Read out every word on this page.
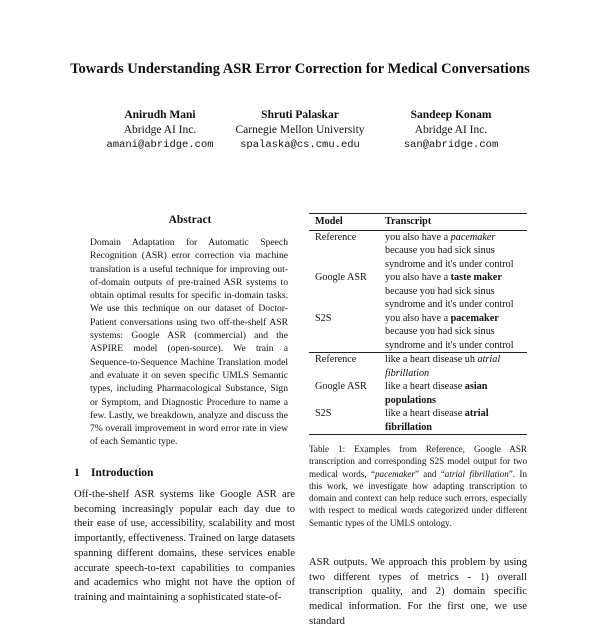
Towards Understanding ASR Error Correction for Medical Conversations
Anirudh Mani
Abridge AI Inc.
amani@abridge.com
Shruti Palaskar
Carnegie Mellon University
spalaska@cs.cmu.edu
Sandeep Konam
Abridge AI Inc.
san@abridge.com
Abstract
Domain Adaptation for Automatic Speech Recognition (ASR) error correction via machine translation is a useful technique for improving out-of-domain outputs of pre-trained ASR systems to obtain optimal results for specific in-domain tasks. We use this technique on our dataset of Doctor-Patient conversations using two off-the-shelf ASR systems: Google ASR (commercial) and the ASPIRE model (open-source). We train a Sequence-to-Sequence Machine Translation model and evaluate it on seven specific UMLS Semantic types, including Pharmacological Substance, Sign or Symptom, and Diagnostic Procedure to name a few. Lastly, we breakdown, analyze and discuss the 7% overall improvement in word error rate in view of each Semantic type.
1 Introduction
Off-the-shelf ASR systems like Google ASR are becoming increasingly popular each day due to their ease of use, accessibility, scalability and most importantly, effectiveness. Trained on large datasets spanning different domains, these services enable accurate speech-to-text capabilities to companies and academics who might not have the option of training and maintaining a sophisticated state-of-
Model	Transcript
Reference	you also have a pacemaker because you had sick sinus syndrome and it's under control
Google ASR	you also have a taste maker because you had sick sinus syndrome and it's under control
S2S	you also have a pacemaker because you had sick sinus syndrome and it's under control
Reference	like a heart disease uh atrial fibrillation
Google ASR	like a heart disease asian populations
S2S	like a heart disease atrial fibrillation
Table 1: Examples from Reference, Google ASR transcription and corresponding S2S model output for two medical words, “pacemaker” and “atrial fibrillation”. In this work, we investigate how adapting transcription to domain and context can help reduce such errors, especially with respect to medical words categorized under different Semantic types of the UMLS ontology.
ASR outputs. We approach this problem by using two different types of metrics - 1) overall transcription quality, and 2) domain specific medical information. For the first one, we use standard
